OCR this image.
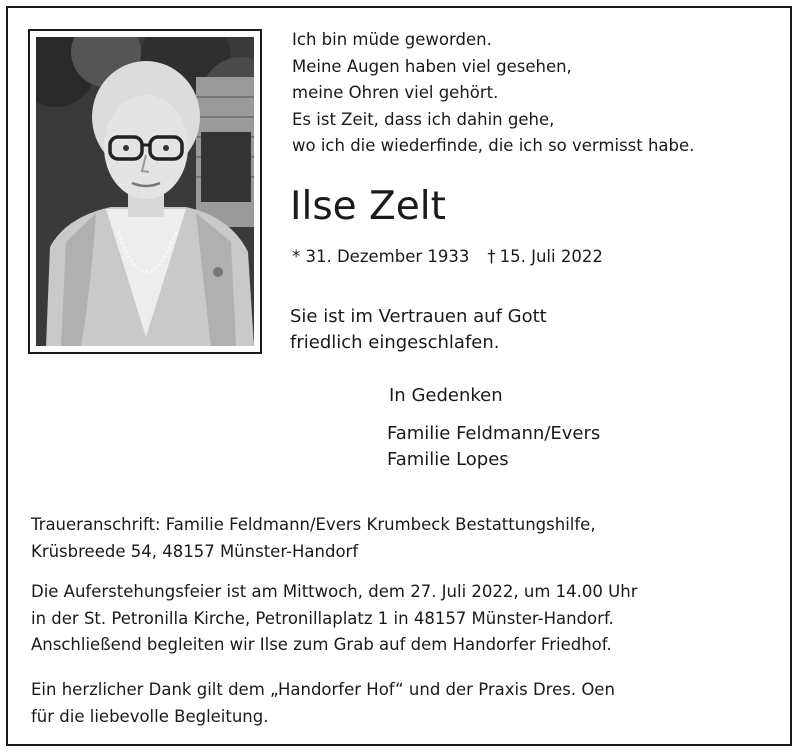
Ich bin müde geworden.
Meine Augen haben viel gesehen,
meine Ohren viel gehört.
Es ist Zeit, dass ich dahin gehe,
wo ich die wiederfinde, die ich so vermisst habe.
Ilse Zelt
* 31. Dezember 1933 † 15. Juli 2022
Sie ist im Vertrauen auf Gott
friedlich eingeschlafen.
In Gedenken
Familie Feldmann/Evers
Familie Lopes
Traueranschrift: Familie Feldmann/Evers Krumbeck Bestattungshilfe,
Krüsbreede 54, 48157 Münster-Handorf
Die Auferstehungsfeier ist am Mittwoch, dem 27. Juli 2022, um 14.00 Uhr
in der St. Petronilla Kirche, Petronillaplatz 1 in 48157 Münster-Handorf.
Anschließend begleiten wir Ilse zum Grab auf dem Handorfer Friedhof.
Ein herzlicher Dank gilt dem „Handorfer Hof“ und der Praxis Dres. Oen
für die liebevolle Begleitung.
